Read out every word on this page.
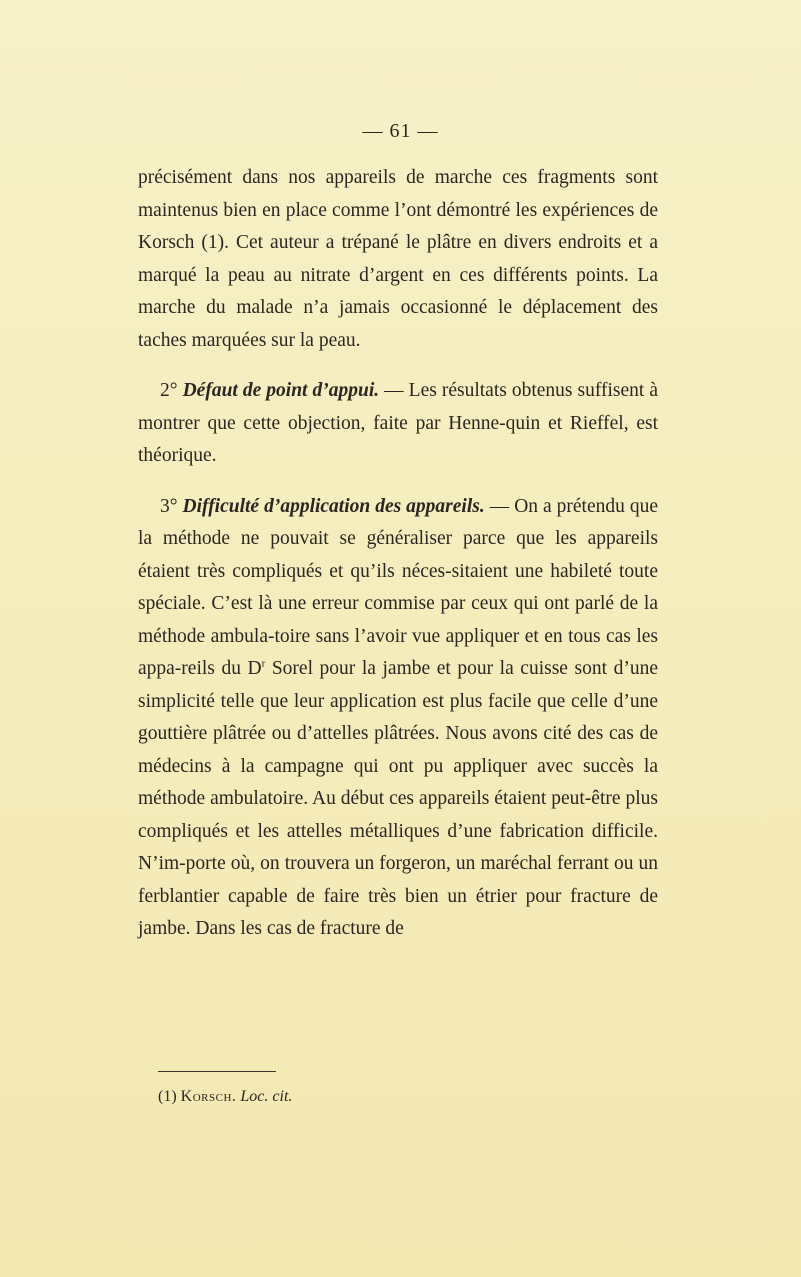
— 61 —

précisément dans nos appareils de marche ces fragments sont maintenus bien en place comme l’ont démontré les expériences de Korsch (1). Cet auteur a trépané le plâtre en divers endroits et a marqué la peau au nitrate d’argent en ces différents points. La marche du malade n’a jamais occasionné le déplacement des taches marquées sur la peau.

2° Défaut de point d’appui. — Les résultats obtenus suffisent à montrer que cette objection, faite par Henne-quin et Rieffel, est théorique.

3° Difficulté d’application des appareils. — On a prétendu que la méthode ne pouvait se généraliser parce que les appareils étaient très compliqués et qu’ils néces-sitaient une habileté toute spéciale. C’est là une erreur commise par ceux qui ont parlé de la méthode ambula-toire sans l’avoir vue appliquer et en tous cas les appa-reils du $D^r$ Sorel pour la jambe et pour la cuisse sont d’une simplicité telle que leur application est plus facile que celle d’une gouttière plâtrée ou d’attelles plâtrées. Nous avons cité des cas de médecins à la campagne qui ont pu appliquer avec succès la méthode ambulatoire. Au début ces appareils étaient peut-être plus compliqués et les attelles métalliques d’une fabrication difficile. N’im-porte où, on trouvera un forgeron, un maréchal ferrant ou un ferblantier capable de faire très bien un étrier pour fracture de jambe. Dans les cas de fracture de

(1) Korsch. Loc. cit.
